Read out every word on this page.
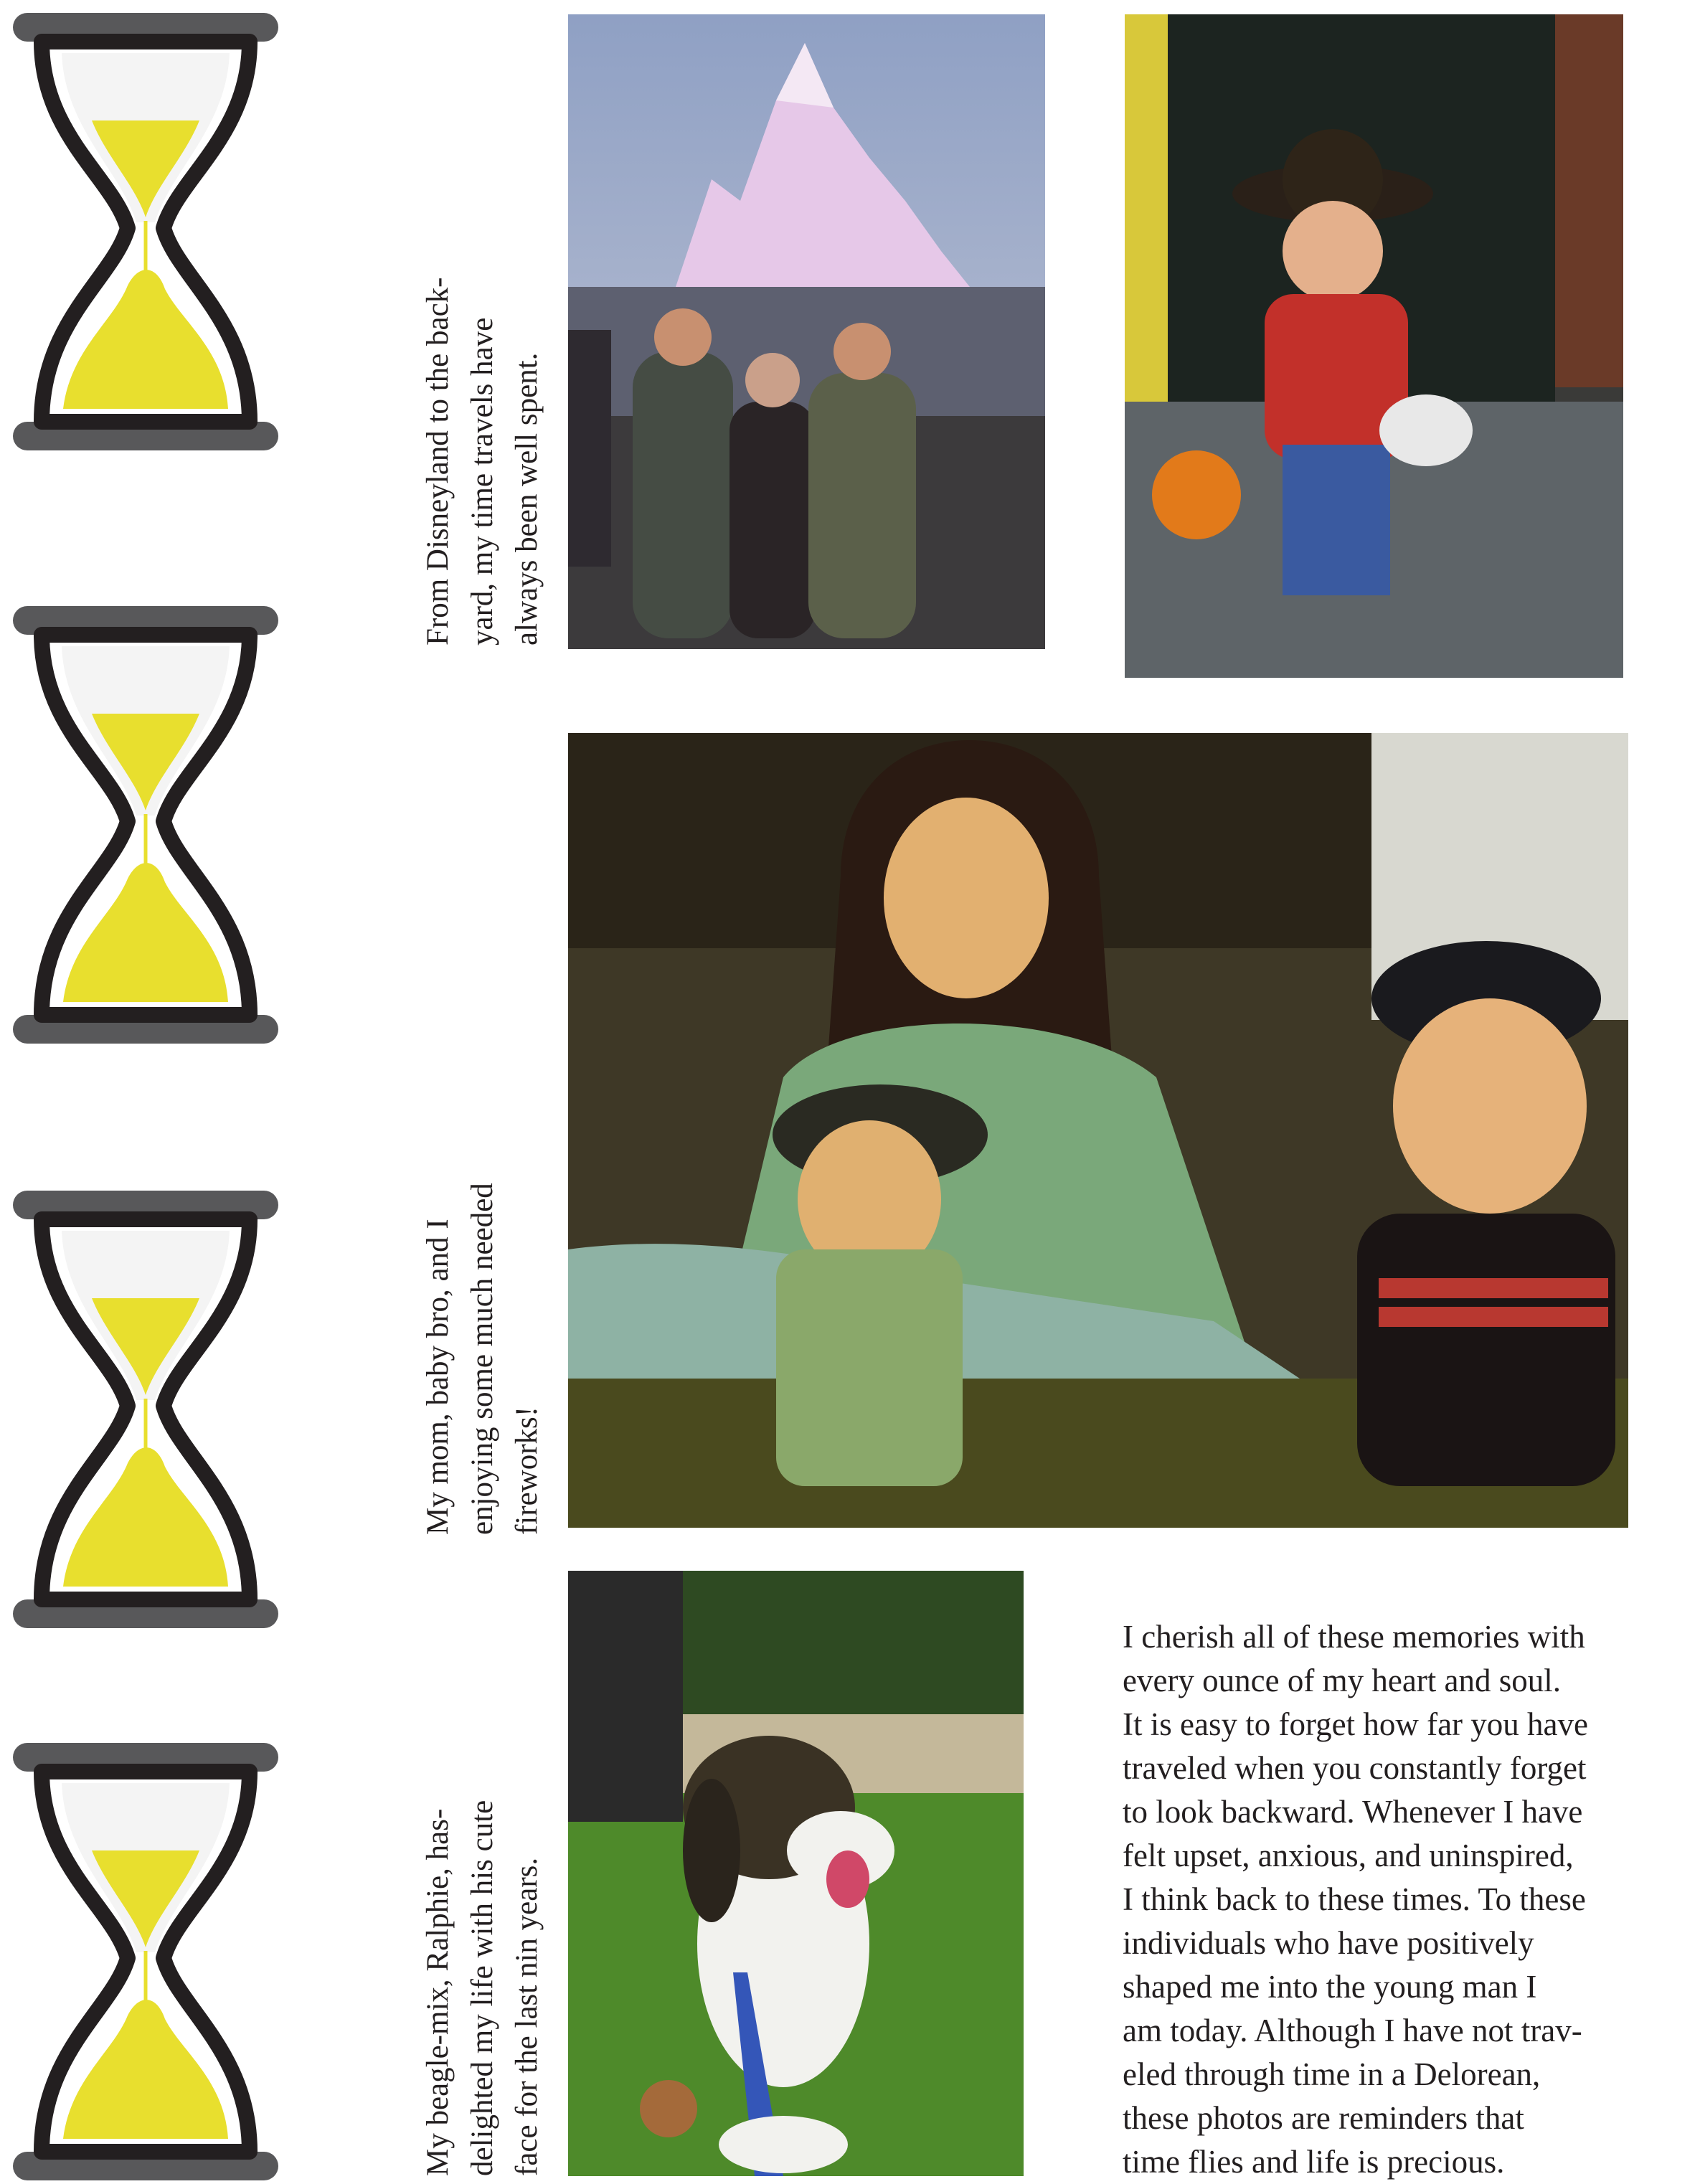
From Disneyland to the back- yard, my time travels have always been well spent.
My mom, baby bro, and I enjoying some much needed fireworks!
My beagle-mix, Ralphie, has- delighted my life with his cute face for the last nin years.
I cherish all of these memories with
every ounce of my heart and soul.
It is easy to forget how far you have
traveled when you constantly forget
to look backward. Whenever I have
felt upset, anxious, and uninspired,
I think back to these times. To these
individuals who have positively
shaped me into the young man I
am today. Although I have not trav-
eled through time in a Delorean,
these photos are reminders that
time flies and life is precious.
